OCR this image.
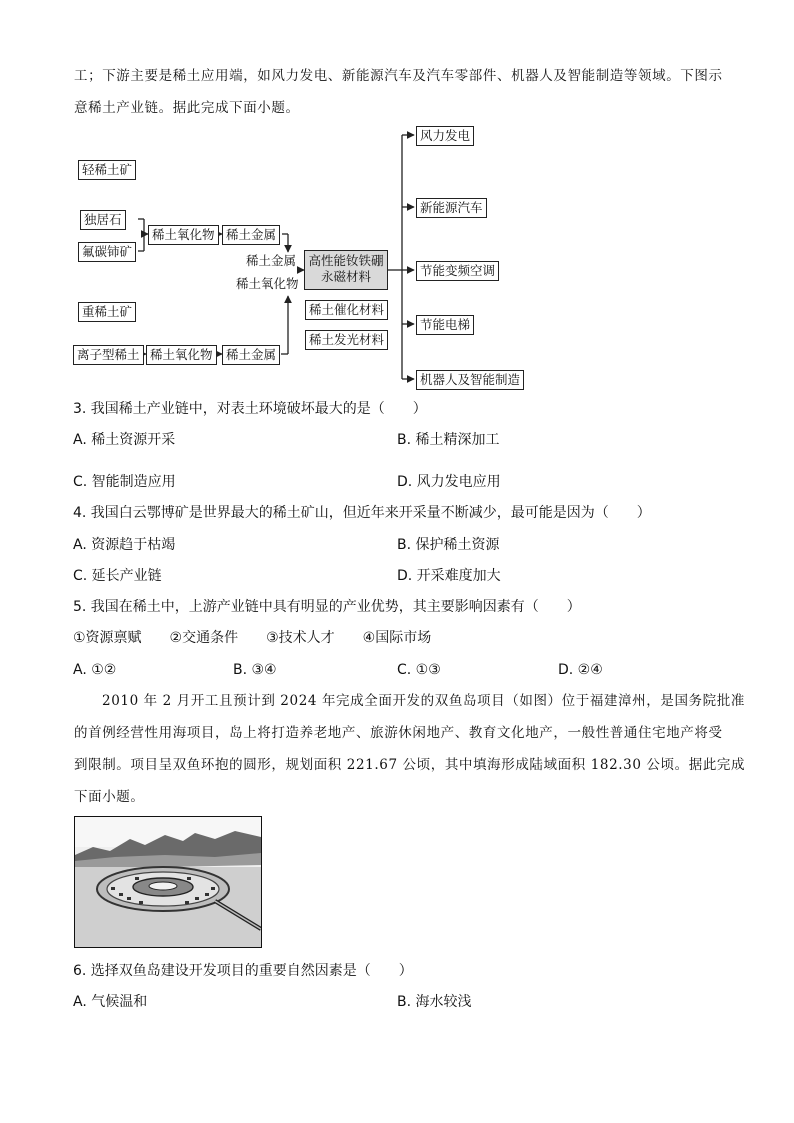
工；下游主要是稀土应用端，如风力发电、新能源汽车及汽车零部件、机器人及智能制造等领域。下图示
意稀土产业链。据此完成下面小题。
轻稀土矿
独居石
氟碳铈矿
稀土氧化物 稀土金属
稀土金属
稀土氧化物
高性能钕铁硼
永磁材料
稀土催化材料
稀土发光材料
重稀土矿
离子型稀土 稀土氧化物	稀土金属
风力发电
新能源汽车
节能变频空调
节能电梯
机器人及智能制造
3. 我国稀土产业链中，对表土环境破坏最大的是（　　）
A. 稀土资源开采	B. 稀土精深加工
C. 智能制造应用	D. 风力发电应用
4. 我国白云鄂博矿是世界最大的稀土矿山，但近年来开采量不断减少，最可能是因为（　　）
A. 资源趋于枯竭	B. 保护稀土资源
C. 延长产业链	D. 开采难度加大
5. 我国在稀土中，上游产业链中具有明显的产业优势，其主要影响因素有（　　）
①资源禀赋　　②交通条件　　③技术人才　　④国际市场
A. ①②	B. ③④	C. ①③	D. ②④
2010 年 2 月开工且预计到 2024 年完成全面开发的双鱼岛项目（如图）位于福建漳州，是国务院批准
的首例经营性用海项目，岛上将打造养老地产、旅游休闲地产、教育文化地产，一般性普通住宅地产将受
到限制。项目呈双鱼环抱的圆形，规划面积 221.67 公顷，其中填海形成陆域面积 182.30 公顷。据此完成
下面小题。
6. 选择双鱼岛建设开发项目的重要自然因素是（　　）
A. 气候温和	B. 海水较浅
